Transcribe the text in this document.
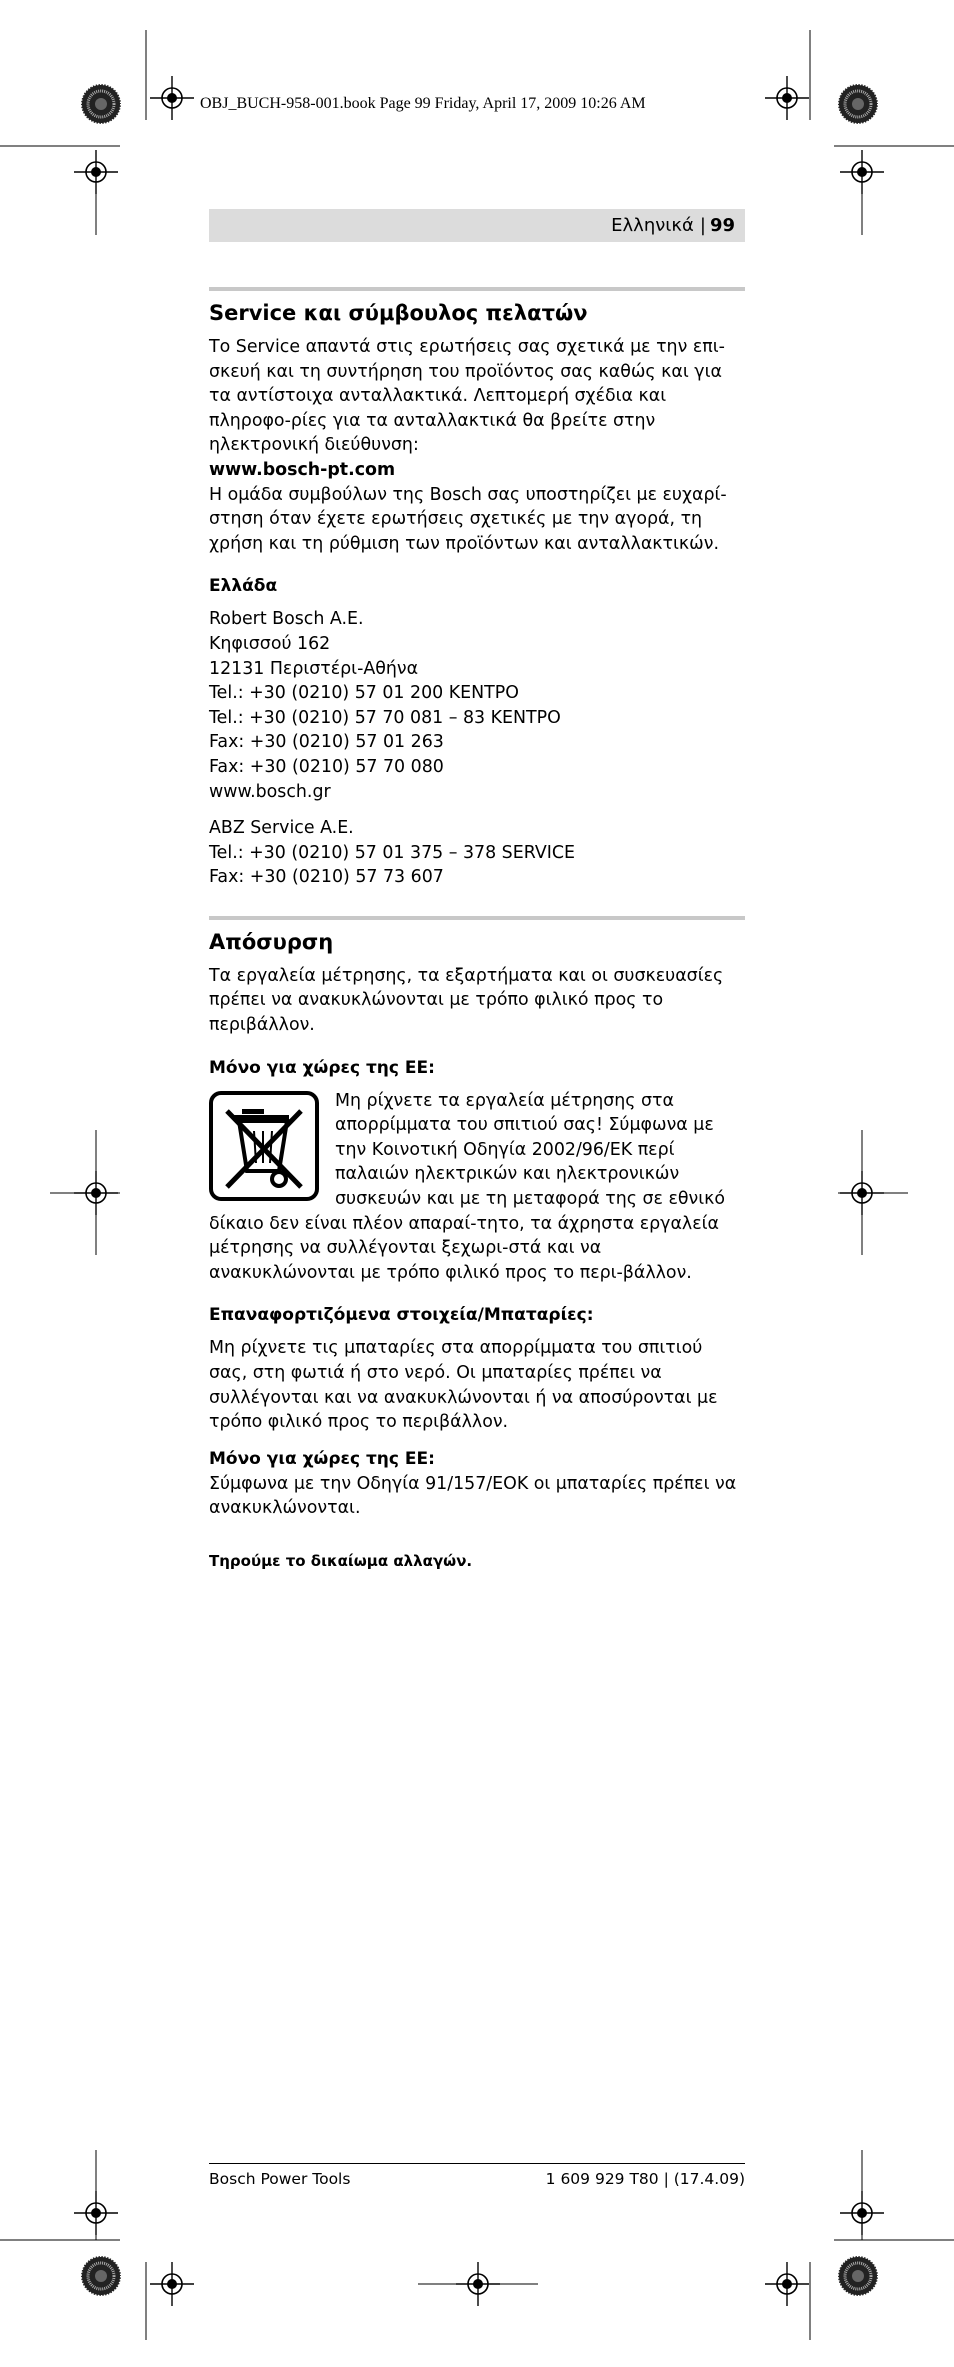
OBJ_BUCH-958-001.book Page 99 Friday, April 17, 2009 10:26 AM
Ελληνικά | 99
Service και σύμβουλος πελατών

Το Service απαντά στις ερωτήσεις σας σχετικά με την επι-σκευή και τη συντήρηση του προϊόντος σας καθώς και για τα αντίστοιχα ανταλλακτικά. Λεπτομερή σχέδια και πληροφο-ρίες για τα ανταλλακτικά θα βρείτε στην ηλεκτρονική διεύθυνση:

www.bosch-pt.com

Η ομάδα συμβούλων της Bosch σας υποστηρίζει με ευχαρί-στηση όταν έχετε ερωτήσεις σχετικές με την αγορά, τη χρήση και τη ρύθμιση των προϊόντων και ανταλλακτικών.

Ελλάδα

Robert Bosch A.E.

Κηφισσού 162

12131 Περιστέρι-Αθήνα

Tel.: +30 (0210) 57 01 200 ΚΕΝΤΡΟ

Tel.: +30 (0210) 57 70 081 – 83 ΚΕΝΤΡΟ

Fax: +30 (0210) 57 01 263

Fax: +30 (0210) 57 70 080

www.bosch.gr

ABZ Service A.E.

Tel.: +30 (0210) 57 01 375 – 378 SERVICE

Fax: +30 (0210) 57 73 607

Απόσυρση

Τα εργαλεία μέτρησης, τα εξαρτήματα και οι συσκευασίες πρέπει να ανακυκλώνονται με τρόπο φιλικό προς το περιβάλλον.

Μόνο για χώρες της ΕΕ:

Μη ρίχνετε τα εργαλεία μέτρησης στα απορρίμματα του σπιτιού σας! Σύμφωνα με την Κοινοτική Οδηγία 2002/96/ΕΚ περί παλαιών ηλεκτρικών και ηλεκτρονικών συσκευών και με τη μεταφορά της σε εθνικό δίκαιο δεν είναι πλέον απαραί-τητο, τα άχρηστα εργαλεία μέτρησης να συλλέγονται ξεχωρι-στά και να ανακυκλώνονται με τρόπο φιλικό προς το περι-βάλλον.

Επαναφορτιζόμενα στοιχεία/Μπαταρίες:

Μη ρίχνετε τις μπαταρίες στα απορρίμματα του σπιτιού σας, στη φωτιά ή στο νερό. Οι μπαταρίες πρέπει να συλλέγονται και να ανακυκλώνονται ή να αποσύρονται με τρόπο φιλικό προς το περιβάλλον.

Μόνο για χώρες της ΕΕ:

Σύμφωνα με την Οδηγία 91/157/ΕΟΚ οι μπαταρίες πρέπει να ανακυκλώνονται.

Τηρούμε το δικαίωμα αλλαγών.

Bosch Power Tools	1 609 929 T80 | (17.4.09)
